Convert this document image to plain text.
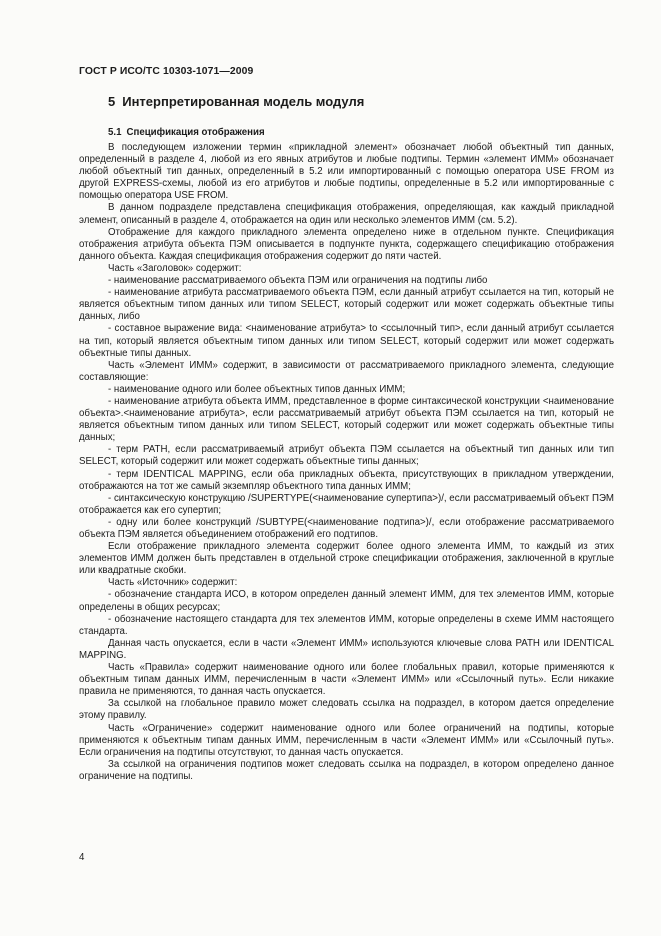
ГОСТ Р ИСО/ТС 10303-1071—2009
5 Интерпретированная модель модуля
5.1 Спецификация отображения

В последующем изложении термин «прикладной элемент» обозначает любой объектный тип данных, определенный в разделе 4, любой из его явных атрибутов и любые подтипы. Термин «элемент ИММ» обозначает любой объектный тип данных, определенный в 5.2 или импортированный с помощью оператора USE FROM из другой EXPRESS-схемы, любой из его атрибутов и любые подтипы, определенные в 5.2 или импортированные с помощью оператора USE FROM.

В данном подразделе представлена спецификация отображения, определяющая, как каждый прикладной элемент, описанный в разделе 4, отображается на один или несколько элементов ИММ (см. 5.2).

Отображение для каждого прикладного элемента определено ниже в отдельном пункте. Спецификация отображения атрибута объекта ПЭМ описывается в подпункте пункта, содержащего спецификацию отображения данного объекта. Каждая спецификация отображения содержит до пяти частей.

Часть «Заголовок» содержит:

- наименование рассматриваемого объекта ПЭМ или ограничения на подтипы либо

- наименование атрибута рассматриваемого объекта ПЭМ, если данный атрибут ссылается на тип, который не является объектным типом данных или типом SELECT, который содержит или может содержать объектные типы данных, либо

- составное выражение вида: <наименование атрибута> to <ссылочный тип>, если данный атрибут ссылается на тип, который является объектным типом данных или типом SELECT, который содержит или может содержать объектные типы данных.

Часть «Элемент ИММ» содержит, в зависимости от рассматриваемого прикладного элемента, следующие составляющие:

- наименование одного или более объектных типов данных ИММ;

- наименование атрибута объекта ИММ, представленное в форме синтаксической конструкции <наименование объекта>.<наименование атрибута>, если рассматриваемый атрибут объекта ПЭМ ссылается на тип, который не является объектным типом данных или типом SELECT, который содержит или может содержать объектные типы данных;

- терм PATH, если рассматриваемый атрибут объекта ПЭМ ссылается на объектный тип данных или тип SELECT, который содержит или может содержать объектные типы данных;

- терм IDENTICAL MAPPING, если оба прикладных объекта, присутствующих в прикладном утверждении, отображаются на тот же самый экземпляр объектного типа данных ИММ;

- синтаксическую конструкцию /SUPERTYPE(<наименование супертипа>)/, если рассматриваемый объект ПЭМ отображается как его супертип;

- одну или более конструкций /SUBTYPE(<наименование подтипа>)/, если отображение рассматриваемого объекта ПЭМ является объединением отображений его подтипов.

Если отображение прикладного элемента содержит более одного элемента ИММ, то каждый из этих элементов ИММ должен быть представлен в отдельной строке спецификации отображения, заключенной в круглые или квадратные скобки.

Часть «Источник» содержит:

- обозначение стандарта ИСО, в котором определен данный элемент ИММ, для тех элементов ИММ, которые определены в общих ресурсах;

- обозначение настоящего стандарта для тех элементов ИММ, которые определены в схеме ИММ настоящего стандарта.

Данная часть опускается, если в части «Элемент ИММ» используются ключевые слова PATH или IDENTICAL MAPPING.

Часть «Правила» содержит наименование одного или более глобальных правил, которые применяются к объектным типам данных ИММ, перечисленным в части «Элемент ИММ» или «Ссылочный путь». Если никакие правила не применяются, то данная часть опускается.

За ссылкой на глобальное правило может следовать ссылка на подраздел, в котором дается определение этому правилу.

Часть «Ограничение» содержит наименование одного или более ограничений на подтипы, которые применяются к объектным типам данных ИММ, перечисленным в части «Элемент ИММ» или «Ссылочный путь». Если ограничения на подтипы отсутствуют, то данная часть опускается.

За ссылкой на ограничения подтипов может следовать ссылка на подраздел, в котором определено данное ограничение на подтипы.

4
